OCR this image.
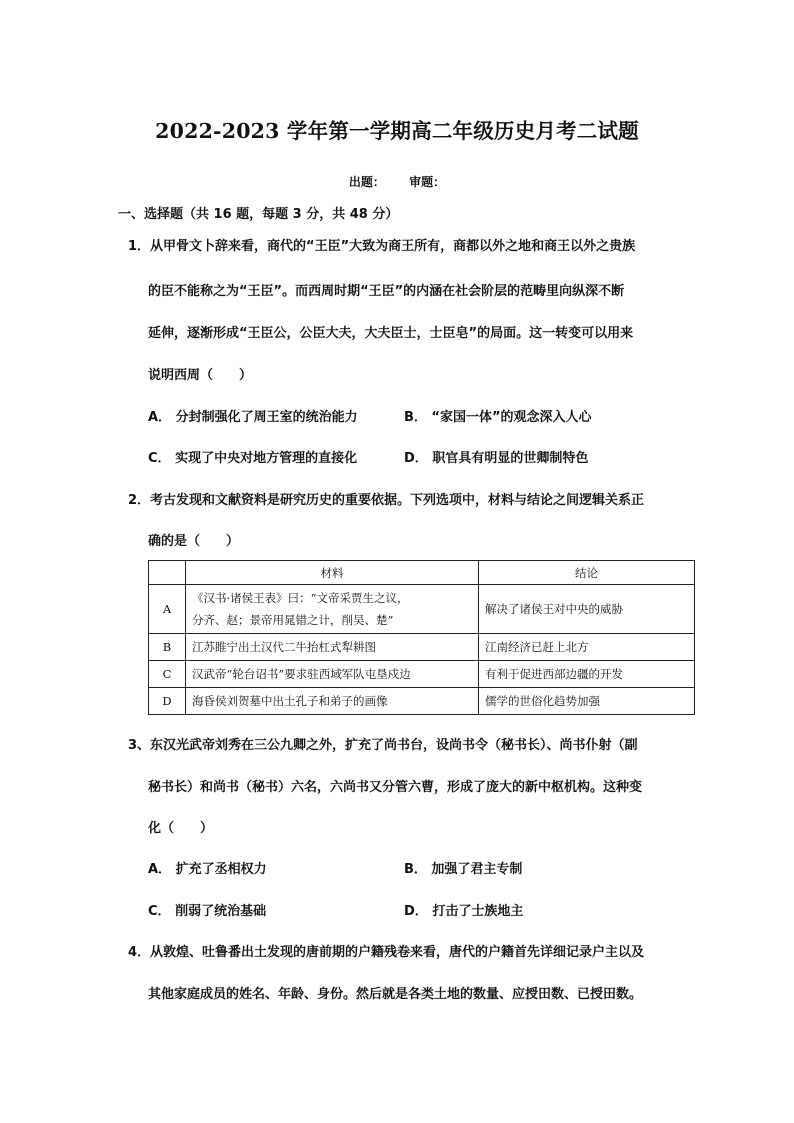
2022-2023 学年第一学期高二年级历史月考二试题
出题： 审题：
一、选择题（共 16 题，每题 3 分，共 48 分）
1．从甲骨文卜辞来看，商代的“王臣”大致为商王所有，商都以外之地和商王以外之贵族
的臣不能称之为“王臣”。而西周时期“王臣”的内涵在社会阶层的范畴里向纵深不断
延伸，逐渐形成“王臣公，公臣大夫，大夫臣士，士臣皂”的局面。这一转变可以用来
说明西周（　　）
A． 分封制强化了周王室的统治能力	B． “家国一体”的观念深入人心
C． 实现了中央对地方管理的直接化	D． 职官具有明显的世卿制特色
2．考古发现和文献资料是研究历史的重要依据。下列选项中，材料与结论之间逻辑关系正
确的是（　　）
	材料	结论
A	《汉书·诸侯王表》曰：“文帝采贾生之议，
分齐、赵；景帝用晁错之计，削吴、楚”	解决了诸侯王对中央的威胁
B	江苏睢宁出土汉代二牛抬杠式犁耕图	江南经济已赶上北方
C	汉武帝“轮台诏书”要求驻西域军队屯垦戍边	有利于促进西部边疆的开发
D	海昏侯刘贺墓中出土孔子和弟子的画像	儒学的世俗化趋势加强
3、东汉光武帝刘秀在三公九卿之外，扩充了尚书台，设尚书令（秘书长）、尚书仆射（副
秘书长）和尚书（秘书）六名，六尚书又分管六曹，形成了庞大的新中枢机构。这种变
化（　　）
A． 扩充了丞相权力	B． 加强了君主专制
C． 削弱了统治基础	D． 打击了士族地主
4．从敦煌、吐鲁番出土发现的唐前期的户籍残卷来看，唐代的户籍首先详细记录户主以及
其他家庭成员的姓名、年龄、身份。然后就是各类土地的数量、应授田数、已授田数。
